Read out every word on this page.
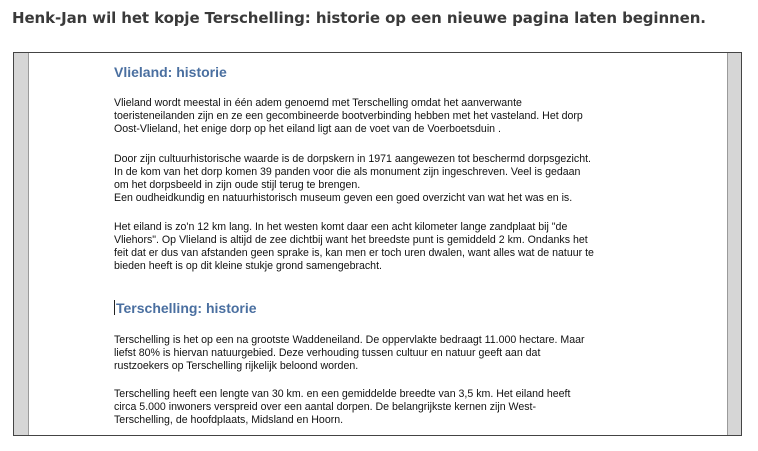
Henk-Jan wil het kopje Terschelling: historie op een nieuwe pagina laten beginnen.
Vlieland: historie
Vlieland wordt meestal in één adem genoemd met Terschelling omdat het aanverwante
toeristeneilanden zijn en ze een gecombineerde bootverbinding hebben met het vasteland. Het dorp
Oost-Vlieland, het enige dorp op het eiland ligt aan de voet van de Voerboetsduin .
Door zijn cultuurhistorische waarde is de dorpskern in 1971 aangewezen tot beschermd dorpsgezicht.
In de kom van het dorp komen 39 panden voor die als monument zijn ingeschreven. Veel is gedaan
om het dorpsbeeld in zijn oude stijl terug te brengen.
Een oudheidkundig en natuurhistorisch museum geven een goed overzicht van wat het was en is.
Het eiland is zo'n 12 km lang. In het westen komt daar een acht kilometer lange zandplaat bij "de
Vliehors". Op Vlieland is altijd de zee dichtbij want het breedste punt is gemiddeld 2 km. Ondanks het
feit dat er dus van afstanden geen sprake is, kan men er toch uren dwalen, want alles wat de natuur te
bieden heeft is op dit kleine stukje grond samengebracht.
Terschelling: historie
Terschelling is het op een na grootste Waddeneiland. De oppervlakte bedraagt 11.000 hectare. Maar
liefst 80% is hiervan natuurgebied. Deze verhouding tussen cultuur en natuur geeft aan dat
rustzoekers op Terschelling rijkelijk beloond worden.
Terschelling heeft een lengte van 30 km. en een gemiddelde breedte van 3,5 km. Het eiland heeft
circa 5.000 inwoners verspreid over een aantal dorpen. De belangrijkste kernen zijn West-
Terschelling, de hoofdplaats, Midsland en Hoorn.
